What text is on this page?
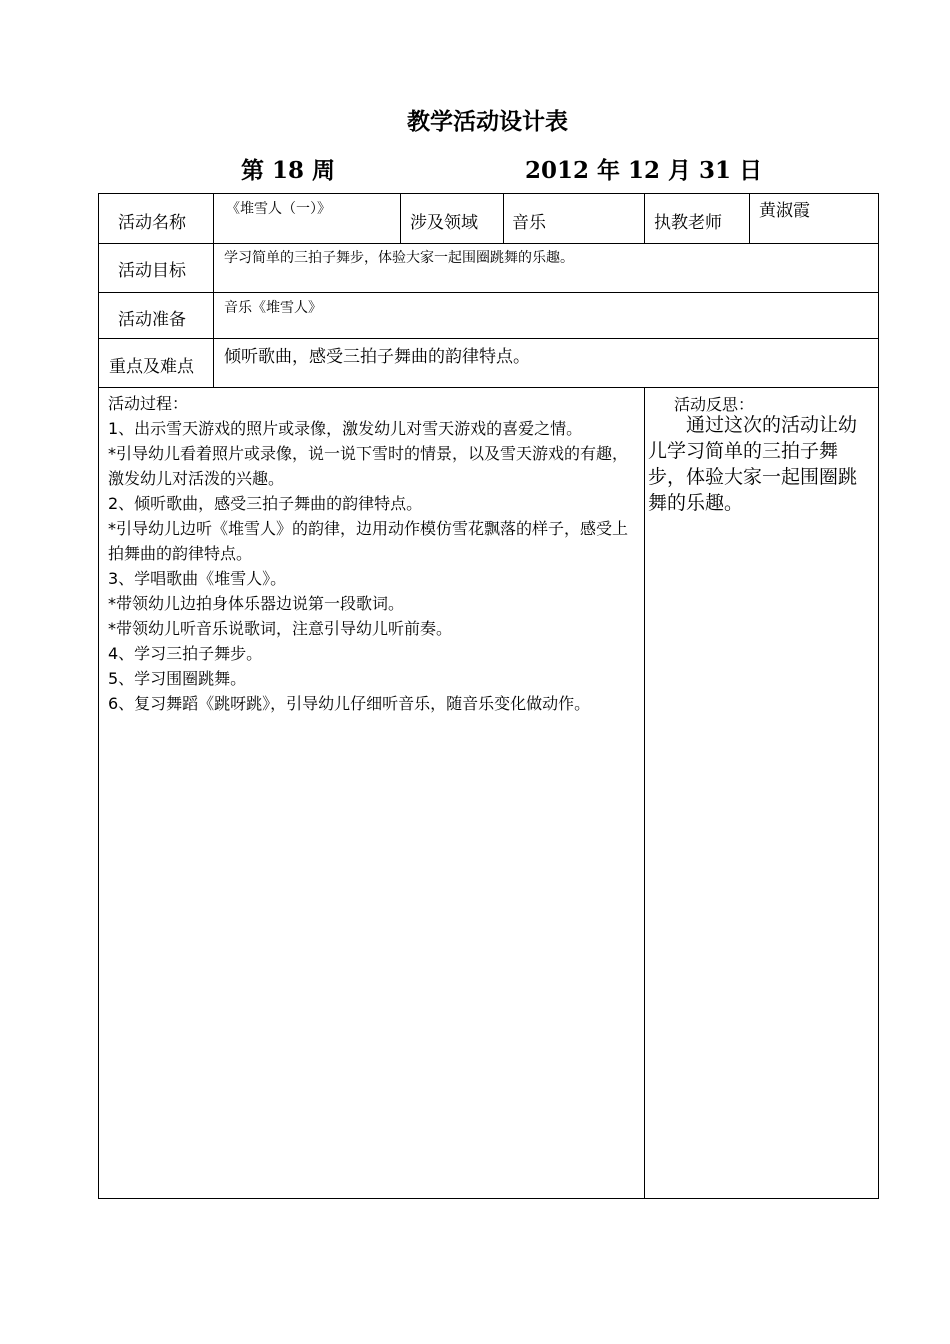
教学活动设计表
第 18 周	2012 年 12 月 31 日
活动名称
《堆雪人（一）》
涉及领域 音乐	执教老师
黄淑霞
活动目标
学习简单的三拍子舞步，体验大家一起围圈跳舞的乐趣。
活动准备
音乐《堆雪人》
重点及难点 倾听歌曲，感受三拍子舞曲的韵律特点。
活动过程：
1、出示雪天游戏的照片或录像，激发幼儿对雪天游戏的喜爱之情。
*引导幼儿看着照片或录像，说一说下雪时的情景，以及雪天游戏的有趣，激发幼儿对活泼的兴趣。
2、倾听歌曲，感受三拍子舞曲的韵律特点。
*引导幼儿边听《堆雪人》的韵律，边用动作模仿雪花飘落的样子，感受上拍舞曲的韵律特点。
3、学唱歌曲《堆雪人》。
*带领幼儿边拍身体乐器边说第一段歌词。
*带领幼儿听音乐说歌词，注意引导幼儿听前奏。
4、学习三拍子舞步。
5、学习围圈跳舞。
6、复习舞蹈《跳呀跳》，引导幼儿仔细听音乐，随音乐变化做动作。
活动反思：
通过这次的活动让幼儿学习简单的三拍子舞步，体验大家一起围圈跳舞的乐趣。
